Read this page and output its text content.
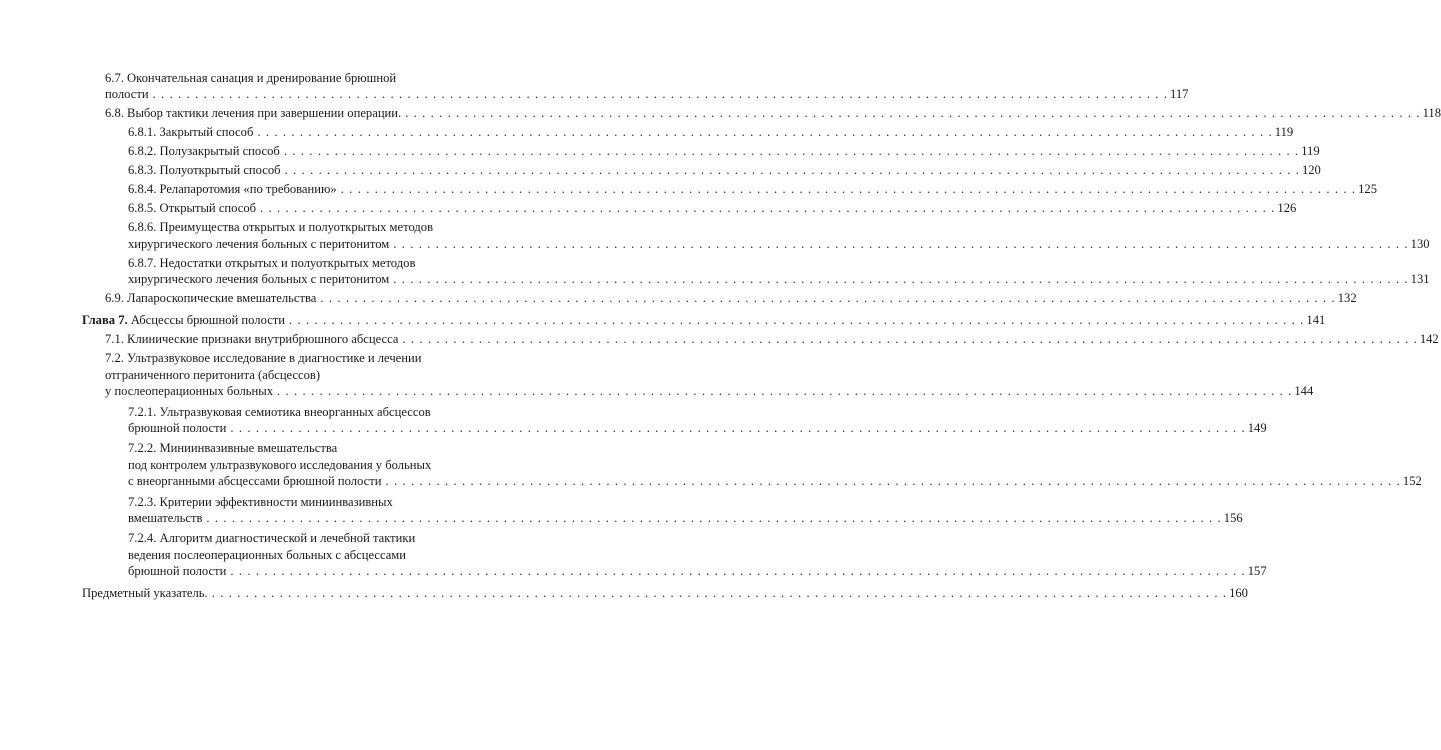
6.7. Окончательная санация и дренирование брюшной
полости . . . . . . . . . . . . . . . . . . . . . . . . . . . . . . . . . . . . . . . . . . . . . . . . . . . . . . . . . . . . . . . . . . . . . . . . . . . . . . . . . . . . . . . . . . . . . . . . . . . . . . . . . . . . . . . . . . . . . . . . 117
6.8. Выбор тактики лечения при завершении операции. . . . . . . . . . . . . . . . . . . . . . . . . . . . . . . . . . . . . . . . . . . . . . . . . . . . . . . . . . . . . . . . . . . . . . . . . . . . . . . . . . . . . . . . . . . . . . . . . . . . . . . . . . . . . . . . . . . . . . . . . 118
6.8.1. Закрытый способ . . . . . . . . . . . . . . . . . . . . . . . . . . . . . . . . . . . . . . . . . . . . . . . . . . . . . . . . . . . . . . . . . . . . . . . . . . . . . . . . . . . . . . . . . . . . . . . . . . . . . . . . . . . . . . . . . . . . . . . . 119
6.8.2. Полузакрытый способ . . . . . . . . . . . . . . . . . . . . . . . . . . . . . . . . . . . . . . . . . . . . . . . . . . . . . . . . . . . . . . . . . . . . . . . . . . . . . . . . . . . . . . . . . . . . . . . . . . . . . . . . . . . . . . . . . . . . . . . . 119
6.8.3. Полуоткрытый способ . . . . . . . . . . . . . . . . . . . . . . . . . . . . . . . . . . . . . . . . . . . . . . . . . . . . . . . . . . . . . . . . . . . . . . . . . . . . . . . . . . . . . . . . . . . . . . . . . . . . . . . . . . . . . . . . . . . . . . . . 120
6.8.4. Релапаротомия «по требованию» . . . . . . . . . . . . . . . . . . . . . . . . . . . . . . . . . . . . . . . . . . . . . . . . . . . . . . . . . . . . . . . . . . . . . . . . . . . . . . . . . . . . . . . . . . . . . . . . . . . . . . . . . . . . . . . . . . . . . . . . 125
6.8.5. Открытый способ . . . . . . . . . . . . . . . . . . . . . . . . . . . . . . . . . . . . . . . . . . . . . . . . . . . . . . . . . . . . . . . . . . . . . . . . . . . . . . . . . . . . . . . . . . . . . . . . . . . . . . . . . . . . . . . . . . . . . . . . 126
6.8.6. Преимущества открытых и полуоткрытых методов
хирургического лечения больных с перитонитом . . . . . . . . . . . . . . . . . . . . . . . . . . . . . . . . . . . . . . . . . . . . . . . . . . . . . . . . . . . . . . . . . . . . . . . . . . . . . . . . . . . . . . . . . . . . . . . . . . . . . . . . . . . . . . . . . . . . . . . . 130
6.8.7. Недостатки открытых и полуоткрытых методов
хирургического лечения больных с перитонитом . . . . . . . . . . . . . . . . . . . . . . . . . . . . . . . . . . . . . . . . . . . . . . . . . . . . . . . . . . . . . . . . . . . . . . . . . . . . . . . . . . . . . . . . . . . . . . . . . . . . . . . . . . . . . . . . . . . . . . . . 131
6.9. Лапароскопические вмешательства . . . . . . . . . . . . . . . . . . . . . . . . . . . . . . . . . . . . . . . . . . . . . . . . . . . . . . . . . . . . . . . . . . . . . . . . . . . . . . . . . . . . . . . . . . . . . . . . . . . . . . . . . . . . . . . . . . . . . . . . 132
Глава 7. Абсцессы брюшной полости . . . . . . . . . . . . . . . . . . . . . . . . . . . . . . . . . . . . . . . . . . . . . . . . . . . . . . . . . . . . . . . . . . . . . . . . . . . . . . . . . . . . . . . . . . . . . . . . . . . . . . . . . . . . . . . . . . . . . . . . 141
7.1. Клинические признаки внутрибрюшного абсцесса . . . . . . . . . . . . . . . . . . . . . . . . . . . . . . . . . . . . . . . . . . . . . . . . . . . . . . . . . . . . . . . . . . . . . . . . . . . . . . . . . . . . . . . . . . . . . . . . . . . . . . . . . . . . . . . . . . . . . . . . 142
7.2. Ультразвуковое исследование в диагностике и лечении
отграниченного перитонита (абсцессов)
у послеоперационных больных . . . . . . . . . . . . . . . . . . . . . . . . . . . . . . . . . . . . . . . . . . . . . . . . . . . . . . . . . . . . . . . . . . . . . . . . . . . . . . . . . . . . . . . . . . . . . . . . . . . . . . . . . . . . . . . . . . . . . . . . 144
7.2.1. Ультразвуковая семиотика внеорганных абсцессов
брюшной полости . . . . . . . . . . . . . . . . . . . . . . . . . . . . . . . . . . . . . . . . . . . . . . . . . . . . . . . . . . . . . . . . . . . . . . . . . . . . . . . . . . . . . . . . . . . . . . . . . . . . . . . . . . . . . . . . . . . . . . . . 149
7.2.2. Миниинвазивные вмешательства
под контролем ультразвукового исследования у больных
с внеорганными абсцессами брюшной полости . . . . . . . . . . . . . . . . . . . . . . . . . . . . . . . . . . . . . . . . . . . . . . . . . . . . . . . . . . . . . . . . . . . . . . . . . . . . . . . . . . . . . . . . . . . . . . . . . . . . . . . . . . . . . . . . . . . . . . . . 152
7.2.3. Критерии эффективности миниинвазивных
вмешательств . . . . . . . . . . . . . . . . . . . . . . . . . . . . . . . . . . . . . . . . . . . . . . . . . . . . . . . . . . . . . . . . . . . . . . . . . . . . . . . . . . . . . . . . . . . . . . . . . . . . . . . . . . . . . . . . . . . . . . . . 156
7.2.4. Алгоритм диагностической и лечебной тактики
ведения послеоперационных больных с абсцессами
брюшной полости . . . . . . . . . . . . . . . . . . . . . . . . . . . . . . . . . . . . . . . . . . . . . . . . . . . . . . . . . . . . . . . . . . . . . . . . . . . . . . . . . . . . . . . . . . . . . . . . . . . . . . . . . . . . . . . . . . . . . . . . 157
Предметный указатель. . . . . . . . . . . . . . . . . . . . . . . . . . . . . . . . . . . . . . . . . . . . . . . . . . . . . . . . . . . . . . . . . . . . . . . . . . . . . . . . . . . . . . . . . . . . . . . . . . . . . . . . . . . . . . . . . . . . . . . . . 160
